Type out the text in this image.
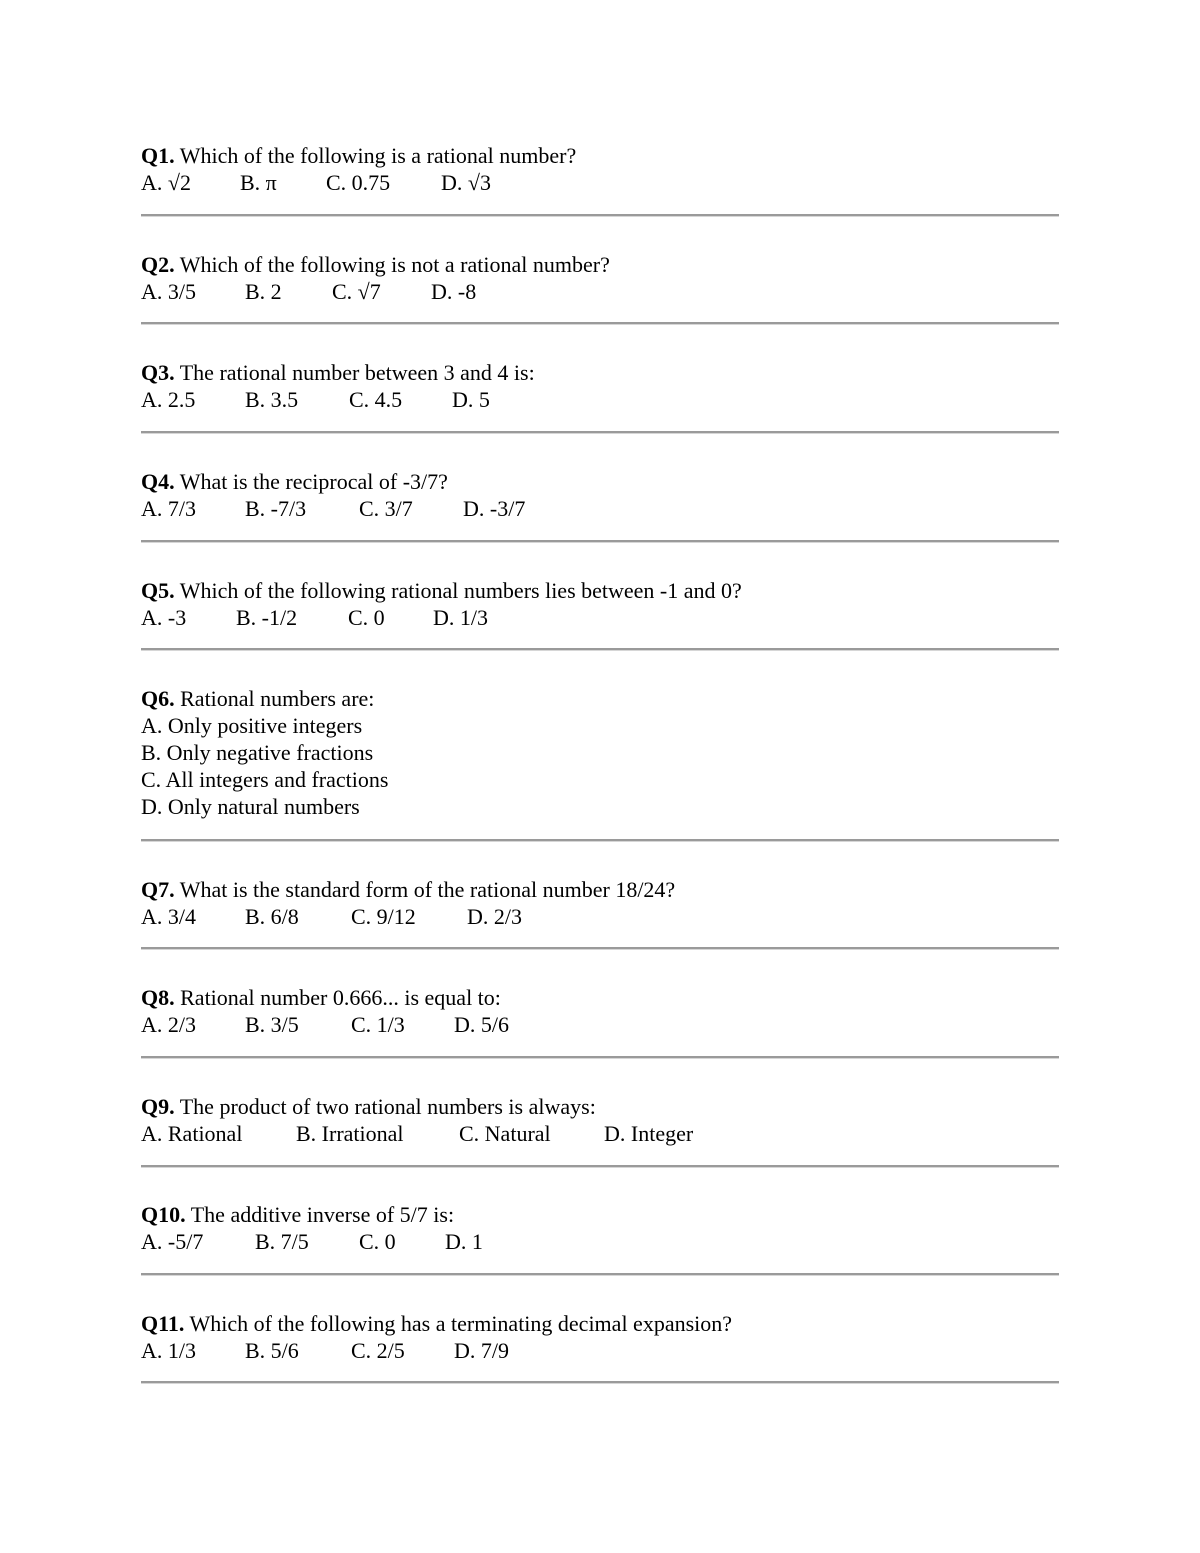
Q1. Which of the following is a rational number?
A. √2 B. π C. 0.75 D. √3
Q2. Which of the following is not a rational number?
A. 3/5 B. 2 C. √7 D. -8
Q3. The rational number between 3 and 4 is:
A. 2.5 B. 3.5 C. 4.5 D. 5
Q4. What is the reciprocal of -3/7?
A. 7/3 B. -7/3 C. 3/7 D. -3/7
Q5. Which of the following rational numbers lies between -1 and 0?
A. -3 B. -1/2 C. 0 D. 1/3
Q6. Rational numbers are:
A. Only positive integers
B. Only negative fractions
C. All integers and fractions
D. Only natural numbers
Q7. What is the standard form of the rational number 18/24?
A. 3/4 B. 6/8 C. 9/12 D. 2/3
Q8. Rational number 0.666... is equal to:
A. 2/3 B. 3/5 C. 1/3 D. 5/6
Q9. The product of two rational numbers is always:
A. Rational B. Irrational	C. Natural D. Integer
Q10. The additive inverse of 5/7 is:
A. -5/7 B. 7/5 C. 0 D. 1
Q11. Which of the following has a terminating decimal expansion?
A. 1/3 B. 5/6 C. 2/5 D. 7/9
